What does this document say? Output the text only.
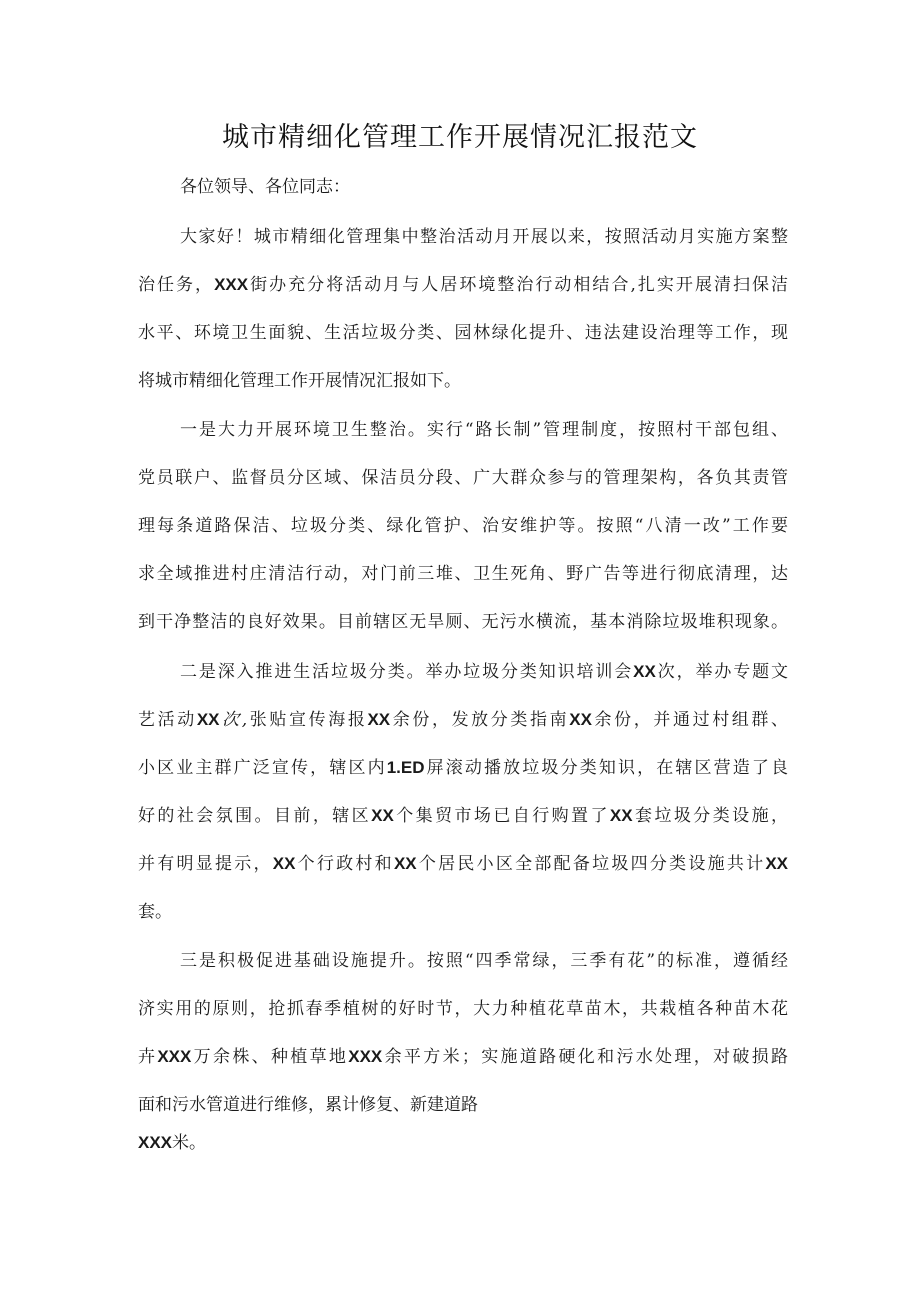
城市精细化管理工作开展情况汇报范文
各位领导、各位同志：
大家好！城市精细化管理集中整治活动月开展以来，按照活动月实施方案整
治任务，XXX街办充分将活动月与人居环境整治行动相结合,扎实开展清扫保洁
水平、环境卫生面貌、生活垃圾分类、园林绿化提升、违法建设治理等工作，现
将城市精细化管理工作开展情况汇报如下。
一是大力开展环境卫生整治。实行“路长制”管理制度，按照村干部包组、
党员联户、监督员分区域、保洁员分段、广大群众参与的管理架构，各负其责管
理每条道路保洁、垃圾分类、绿化管护、治安维护等。按照“八清一改”工作要
求全域推进村庄清洁行动，对门前三堆、卫生死角、野广告等进行彻底清理，达
到干净整洁的良好效果。目前辖区无旱厕、无污水横流，基本消除垃圾堆积现象。
二是深入推进生活垃圾分类。举办垃圾分类知识培训会XX次，举办专题文
艺活动XX次,张贴宣传海报XX余份，发放分类指南XX余份，并通过村组群、
小区业主群广泛宣传，辖区内1.ED屏滚动播放垃圾分类知识，在辖区营造了良
好的社会氛围。目前，辖区XX个集贸市场已自行购置了XX套垃圾分类设施，
并有明显提示，XX个行政村和XX个居民小区全部配备垃圾四分类设施共计XX
套。
三是积极促进基础设施提升。按照“四季常绿，三季有花”的标准，遵循经
济实用的原则，抢抓春季植树的好时节，大力种植花草苗木，共栽植各种苗木花
卉XXX万余株、种植草地XXX余平方米；实施道路硬化和污水处理，对破损路
面和污水管道进行维修，累计修复、新建道路
XXX米。
